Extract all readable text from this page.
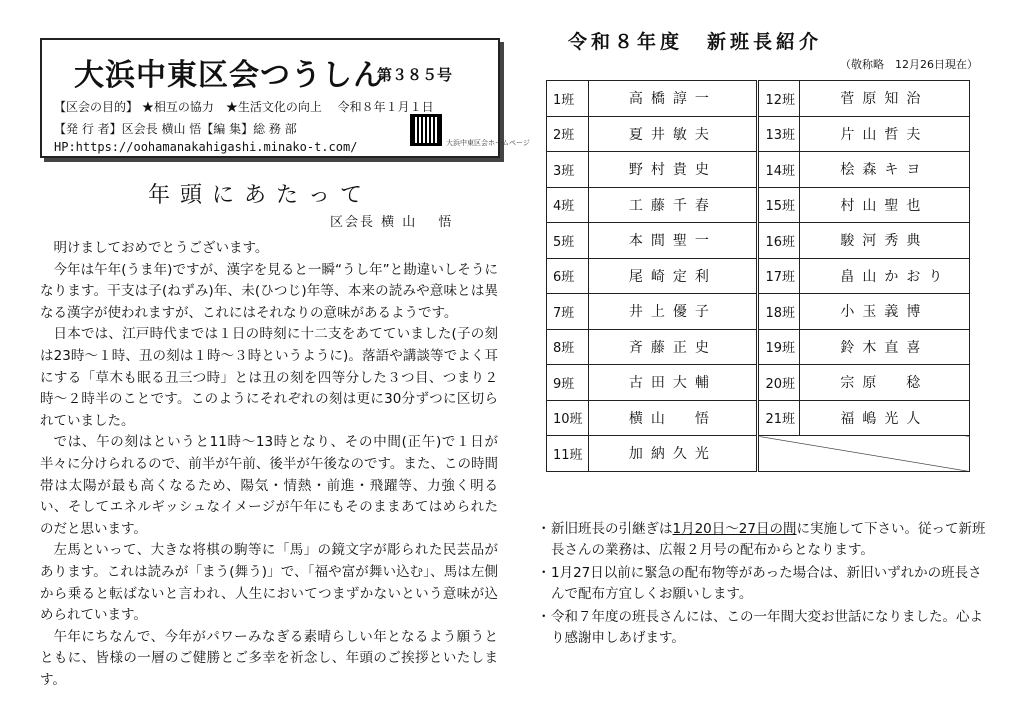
大浜中東区会つうしん
第３８５号
【区会の目的】 ★相互の協力　★生活文化の向上　 令和８年１月１日
【発 行 者】区会長 横山 悟【編 集】総 務 部
HP:https://oohamanakahigashi.minako-t.com/	大浜中東区会ホームページ
年頭にあたって
区会長 横 山　 悟

明けましておめでとうございます。

今年は午年(うま年)ですが、漢字を見ると一瞬“うし年”と勘違いしそうになります。干支は子(ねずみ)年、未(ひつじ)年等、本来の読みや意味とは異なる漢字が使われますが、これにはそれなりの意味があるようです。

日本では、江戸時代までは１日の時刻に十二支をあてていました(子の刻は23時～１時、丑の刻は１時～３時というように)。落語や講談等でよく耳にする「草木も眠る丑三つ時」とは丑の刻を四等分した３つ目、つまり２時～２時半のことです。このようにそれぞれの刻は更に30分ずつに区切られていました。

では、午の刻はというと11時～13時となり、その中間(正午)で１日が半々に分けられるので、前半が午前、後半が午後なのです。また、この時間帯は太陽が最も高くなるため、陽気・情熱・前進・飛躍等、力強く明るい、そしてエネルギッシュなイメージが午年にもそのままあてはめられたのだと思います。

左馬といって、大きな将棋の駒等に「馬」の鏡文字が彫られた民芸品があります。これは読みが「まう(舞う)」で、「福や富が舞い込む」、馬は左側から乗ると転ばないと言われ、人生においてつまずかないという意味が込められています。

午年にちなんで、今年がパワーみなぎる素晴らしい年となるよう願うとともに、皆様の一層のご健勝とご多幸を祈念し、年頭のご挨拶といたします。

令和８年度 新班長紹介
（敬称略　12月26日現在）
1班	高橋諄一	12班	菅原知治
2班	夏井敏夫	13班	片山哲夫
3班	野村貴史	14班	桧森キヨ
4班	工藤千春	15班	村山聖也
5班	本間聖一	16班	駿河秀典
6班	尾崎定利	17班	畠山かおり
7班	井上優子	18班	小玉義博
8班	斉藤正史	19班	鈴木直喜
9班	古田大輔	20班	宗原　稔
10班	横山　悟	21班	福嶋光人
11班	加納久光		
・ 新旧班長の引継ぎは1月20日～27日の間に実施して下さい。従って新班長さんの業務は、広報２月号の配布からとなります。
・ 1月27日以前に緊急の配布物等があった場合は、新旧いずれかの班長さんで配布方宜しくお願いします。
・ 令和７年度の班長さんには、この一年間大変お世話になりました。心より感謝申しあげます。
